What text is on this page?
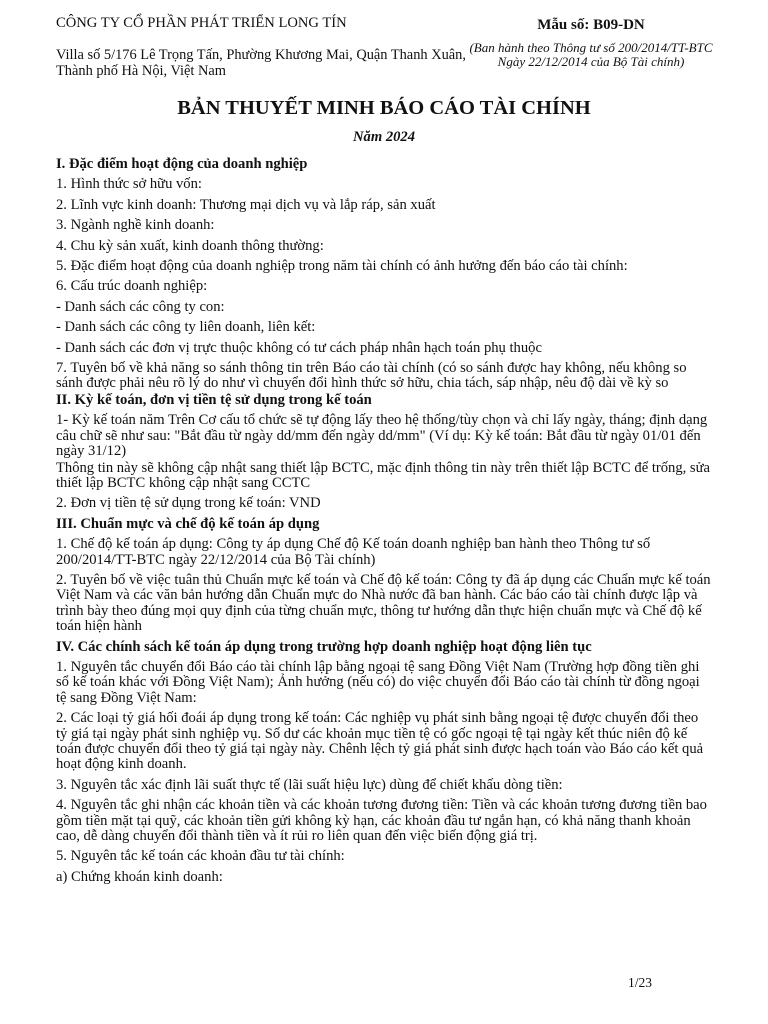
CÔNG TY CỔ PHẦN PHÁT TRIỂN LONG TÍN
Villa số 5/176 Lê Trọng Tấn, Phường Khương Mai, Quận Thanh Xuân, Thành phố Hà Nội, Việt Nam
Mẫu số: B09-DN
(Ban hành theo Thông tư số 200/2014/TT-BTC
Ngày 22/12/2014 của Bộ Tài chính)
BẢN THUYẾT MINH BÁO CÁO TÀI CHÍNH
Năm 2024
I. Đặc điểm hoạt động của doanh nghiệp
1. Hình thức sở hữu vốn:
2. Lĩnh vực kinh doanh: Thương mại dịch vụ và lắp ráp, sản xuất
3. Ngành nghề kinh doanh:
4. Chu kỳ sản xuất, kinh doanh thông thường:
5. Đặc điểm hoạt động của doanh nghiệp trong năm tài chính có ảnh hưởng đến báo cáo tài chính:
6. Cấu trúc doanh nghiệp:
- Danh sách các công ty con:
- Danh sách các công ty liên doanh, liên kết:
- Danh sách các đơn vị trực thuộc không có tư cách pháp nhân hạch toán phụ thuộc
7. Tuyên bố về khả năng so sánh thông tin trên Báo cáo tài chính (có so sánh được hay không, nếu không so sánh được phải nêu rõ lý do như vì chuyển đổi hình thức sở hữu, chia tách, sáp nhập, nêu độ dài về kỳ so
II. Kỳ kế toán, đơn vị tiền tệ sử dụng trong kế toán
1- Kỳ kế toán năm Trên Cơ cấu tổ chức sẽ tự động lấy theo hệ thống/tùy chọn và chỉ lấy ngày, tháng; định dạng câu chữ sẽ như sau: "Bắt đầu từ ngày dd/mm đến ngày dd/mm" (Ví dụ: Kỳ kế toán: Bắt đầu từ ngày 01/01 đến ngày 31/12)
Thông tin này sẽ không cập nhật sang thiết lập BCTC, mặc định thông tin này trên thiết lập BCTC để trống, sửa thiết lập BCTC không cập nhật sang CCTC
2. Đơn vị tiền tệ sử dụng trong kế toán: VND
III. Chuẩn mực và chế độ kế toán áp dụng
1. Chế độ kế toán áp dụng: Công ty áp dụng Chế độ Kế toán doanh nghiệp ban hành theo Thông tư số 200/2014/TT-BTC ngày 22/12/2014 của Bộ Tài chính)
2. Tuyên bố về việc tuân thủ Chuẩn mực kế toán và Chế độ kế toán: Công ty đã áp dụng các Chuẩn mực kế toán Việt Nam và các văn bản hướng dẫn Chuẩn mực do Nhà nước đã ban hành. Các báo cáo tài chính được lập và trình bày theo đúng mọi quy định của từng chuẩn mực, thông tư hướng dẫn thực hiện chuẩn mực và Chế độ kế toán hiện hành
IV. Các chính sách kế toán áp dụng trong trường hợp doanh nghiệp hoạt động liên tục
1. Nguyên tắc chuyển đổi Báo cáo tài chính lập bằng ngoại tệ sang Đồng Việt Nam (Trường hợp đồng tiền ghi sổ kế toán khác với Đồng Việt Nam); Ảnh hưởng (nếu có) do việc chuyển đổi Báo cáo tài chính từ đồng ngoại tệ sang Đồng Việt Nam:
2. Các loại tỷ giá hối đoái áp dụng trong kế toán: Các nghiệp vụ phát sinh bằng ngoại tệ được chuyển đổi theo tỷ giá tại ngày phát sinh nghiệp vụ. Số dư các khoản mục tiền tệ có gốc ngoại tệ tại ngày kết thúc niên độ kế toán được chuyển đổi theo tỷ giá tại ngày này. Chênh lệch tỷ giá phát sinh được hạch toán vào Báo cáo kết quả hoạt động kinh doanh.
3. Nguyên tắc xác định lãi suất thực tế (lãi suất hiệu lực) dùng để chiết khấu dòng tiền:
4. Nguyên tắc ghi nhận các khoản tiền và các khoản tương đương tiền: Tiền và các khoản tương đương tiền bao gồm tiền mặt tại quỹ, các khoản tiền gửi không kỳ hạn, các khoản đầu tư ngắn hạn, có khả năng thanh khoản cao, dễ dàng chuyển đổi thành tiền và ít rủi ro liên quan đến việc biến động giá trị.
5. Nguyên tắc kế toán các khoản đầu tư tài chính:
a) Chứng khoán kinh doanh:
1/23
